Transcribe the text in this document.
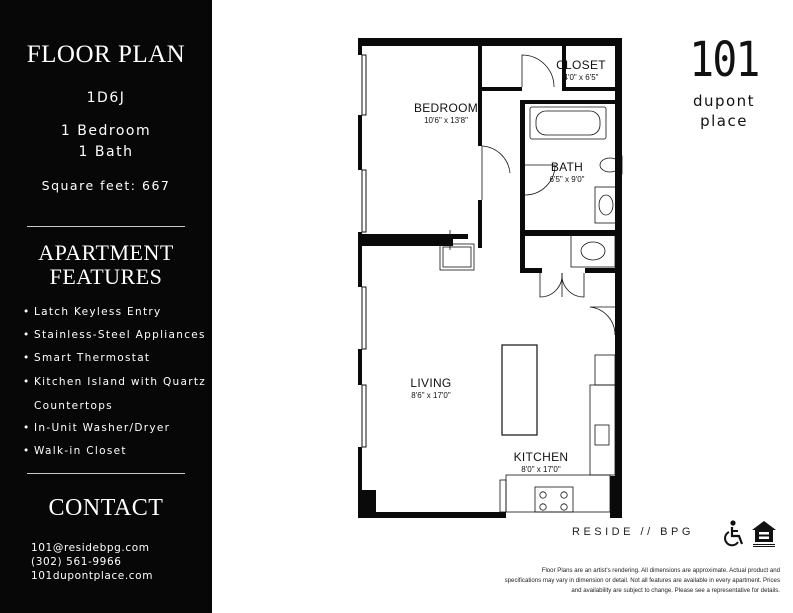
FLOOR PLAN
1D6J
1 Bedroom
1 Bath
Square feet: 667
APARTMENT
FEATURES
• Latch Keyless Entry
• Stainless-Steel Appliances
• Smart Thermostat
• Kitchen Island with Quartz
Countertops
• In-Unit Washer/Dryer
• Walk-in Closet
CONTACT
101@residebpg.com
(302) 561-9966
101dupontplace.com
CLOSET
4'0" x 6'5"
BEDROOM
10'6" x 13'8"
BATH
6'5" x 9'0"
LIVING
8'6" x 17'0"
KITCHEN
8'0" x 17'0"
101
dupont
place
RESIDE // BPG
Floor Plans are an artist's rendering. All dimensions are approximate. Actual product and
specifications may vary in dimension or detail. Not all features are available in every apartment. Prices
and availability are subject to change. Please see a representative for details.
